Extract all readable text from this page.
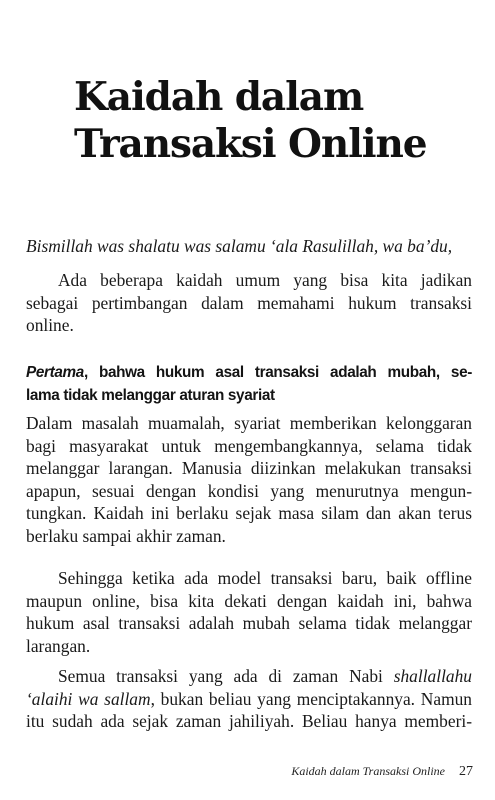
Kaidah dalam
Transaksi Online
Bismillah was shalatu was salamu ‘ala Rasulillah, wa ba’du,
Ada beberapa kaidah umum yang bisa kita jadikan
sebagai pertimbangan dalam memahami hukum transaksi
online.
Pertama, bahwa hukum asal transaksi adalah mubah, se-
lama tidak melanggar aturan syariat
Dalam masalah muamalah, syariat memberikan kelonggaran
bagi masyarakat untuk mengembangkannya, selama tidak
melanggar larangan. Manusia diizinkan melakukan transaksi
apapun, sesuai dengan kondisi yang menurutnya mengun-
tungkan. Kaidah ini berlaku sejak masa silam dan akan terus
berlaku sampai akhir zaman.
Sehingga ketika ada model transaksi baru, baik offline
maupun online, bisa kita dekati dengan kaidah ini, bahwa
hukum asal transaksi adalah mubah selama tidak melanggar
larangan.
Semua transaksi yang ada di zaman Nabi shallallahu
‘alaihi wa sallam, bukan beliau yang menciptakannya. Namun
itu sudah ada sejak zaman jahiliyah. Beliau hanya memberi-
Kaidah dalam Transaksi Online 27
